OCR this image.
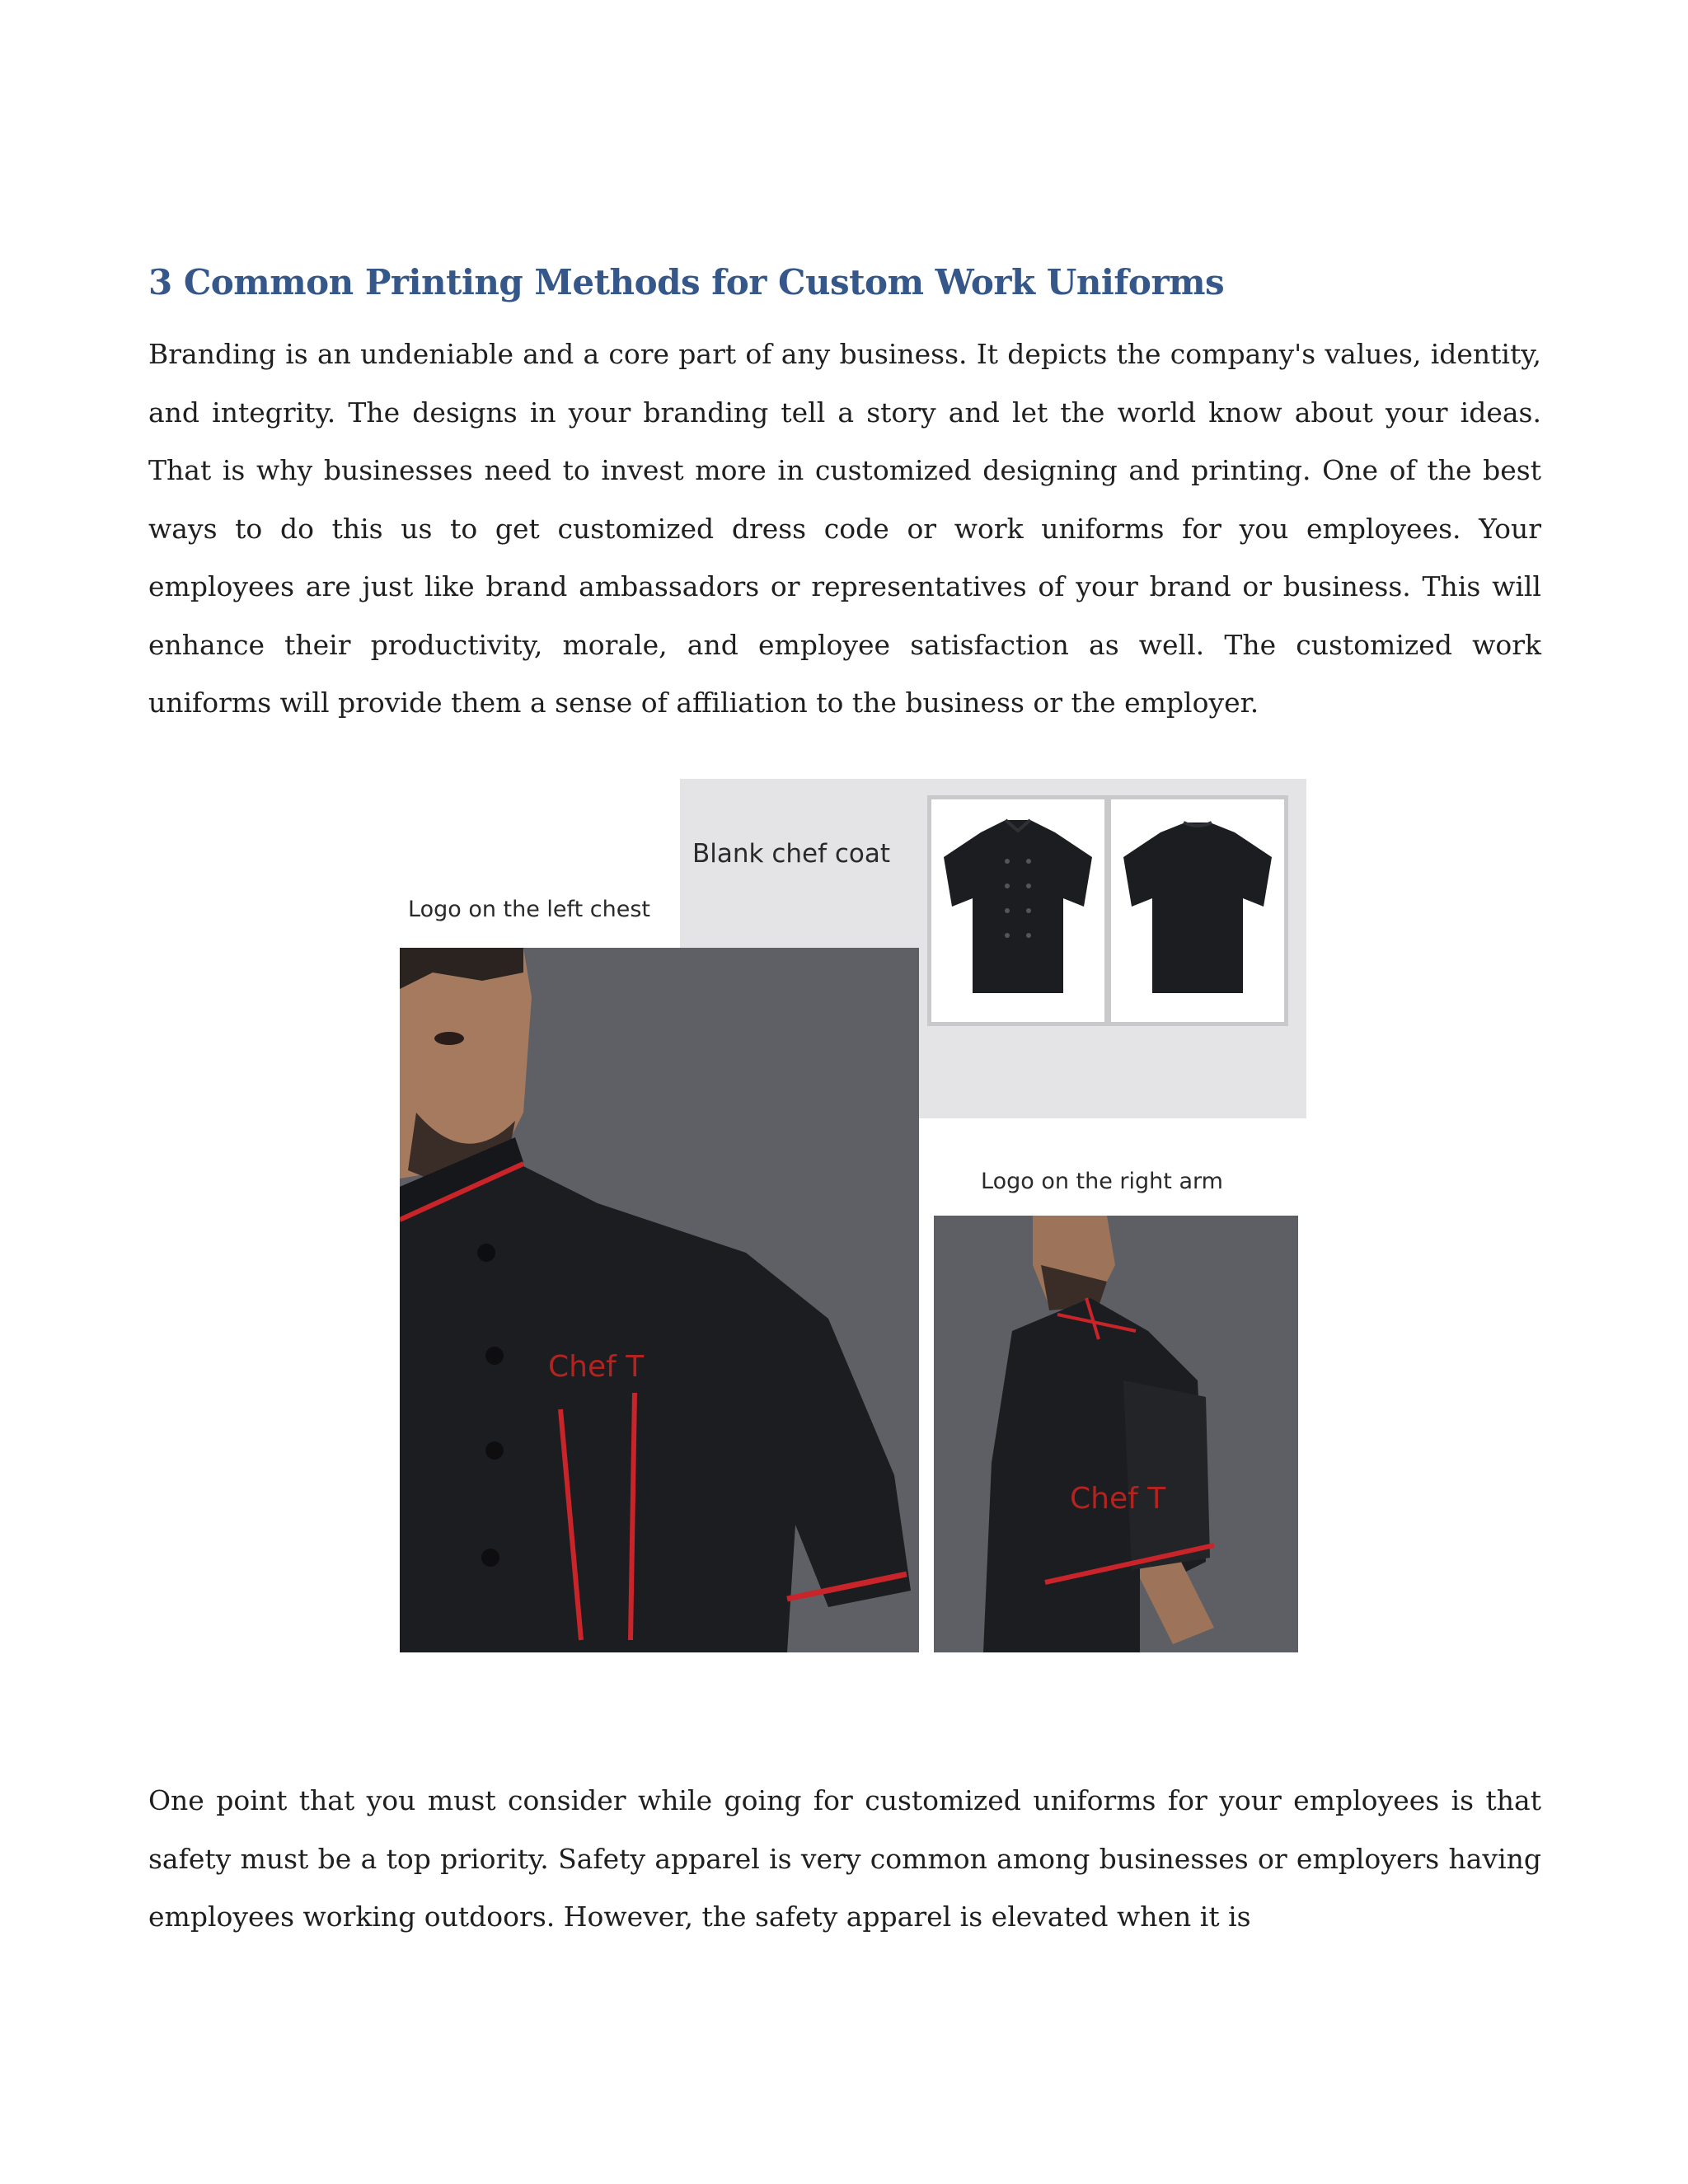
3 Common Printing Methods for Custom Work Uniforms

Branding is an undeniable and a core part of any business. It depicts the company's values, identity, and integrity. The designs in your branding tell a story and let the world know about your ideas. That is why businesses need to invest more in customized designing and printing. One of the best ways to do this us to get customized dress code or work uniforms for you employees. Your employees are just like brand ambassadors or representatives of your brand or business. This will enhance their productivity, morale, and employee satisfaction as well. The customized work uniforms will provide them a sense of affiliation to the business or the employer.

Blank chef coat
Logo on the left chest
Chef T
Logo on the right arm
Chef T

One point that you must consider while going for customized uniforms for your employees is that safety must be a top priority. Safety apparel is very common among businesses or employers having employees working outdoors. However, the safety apparel is elevated when it is
